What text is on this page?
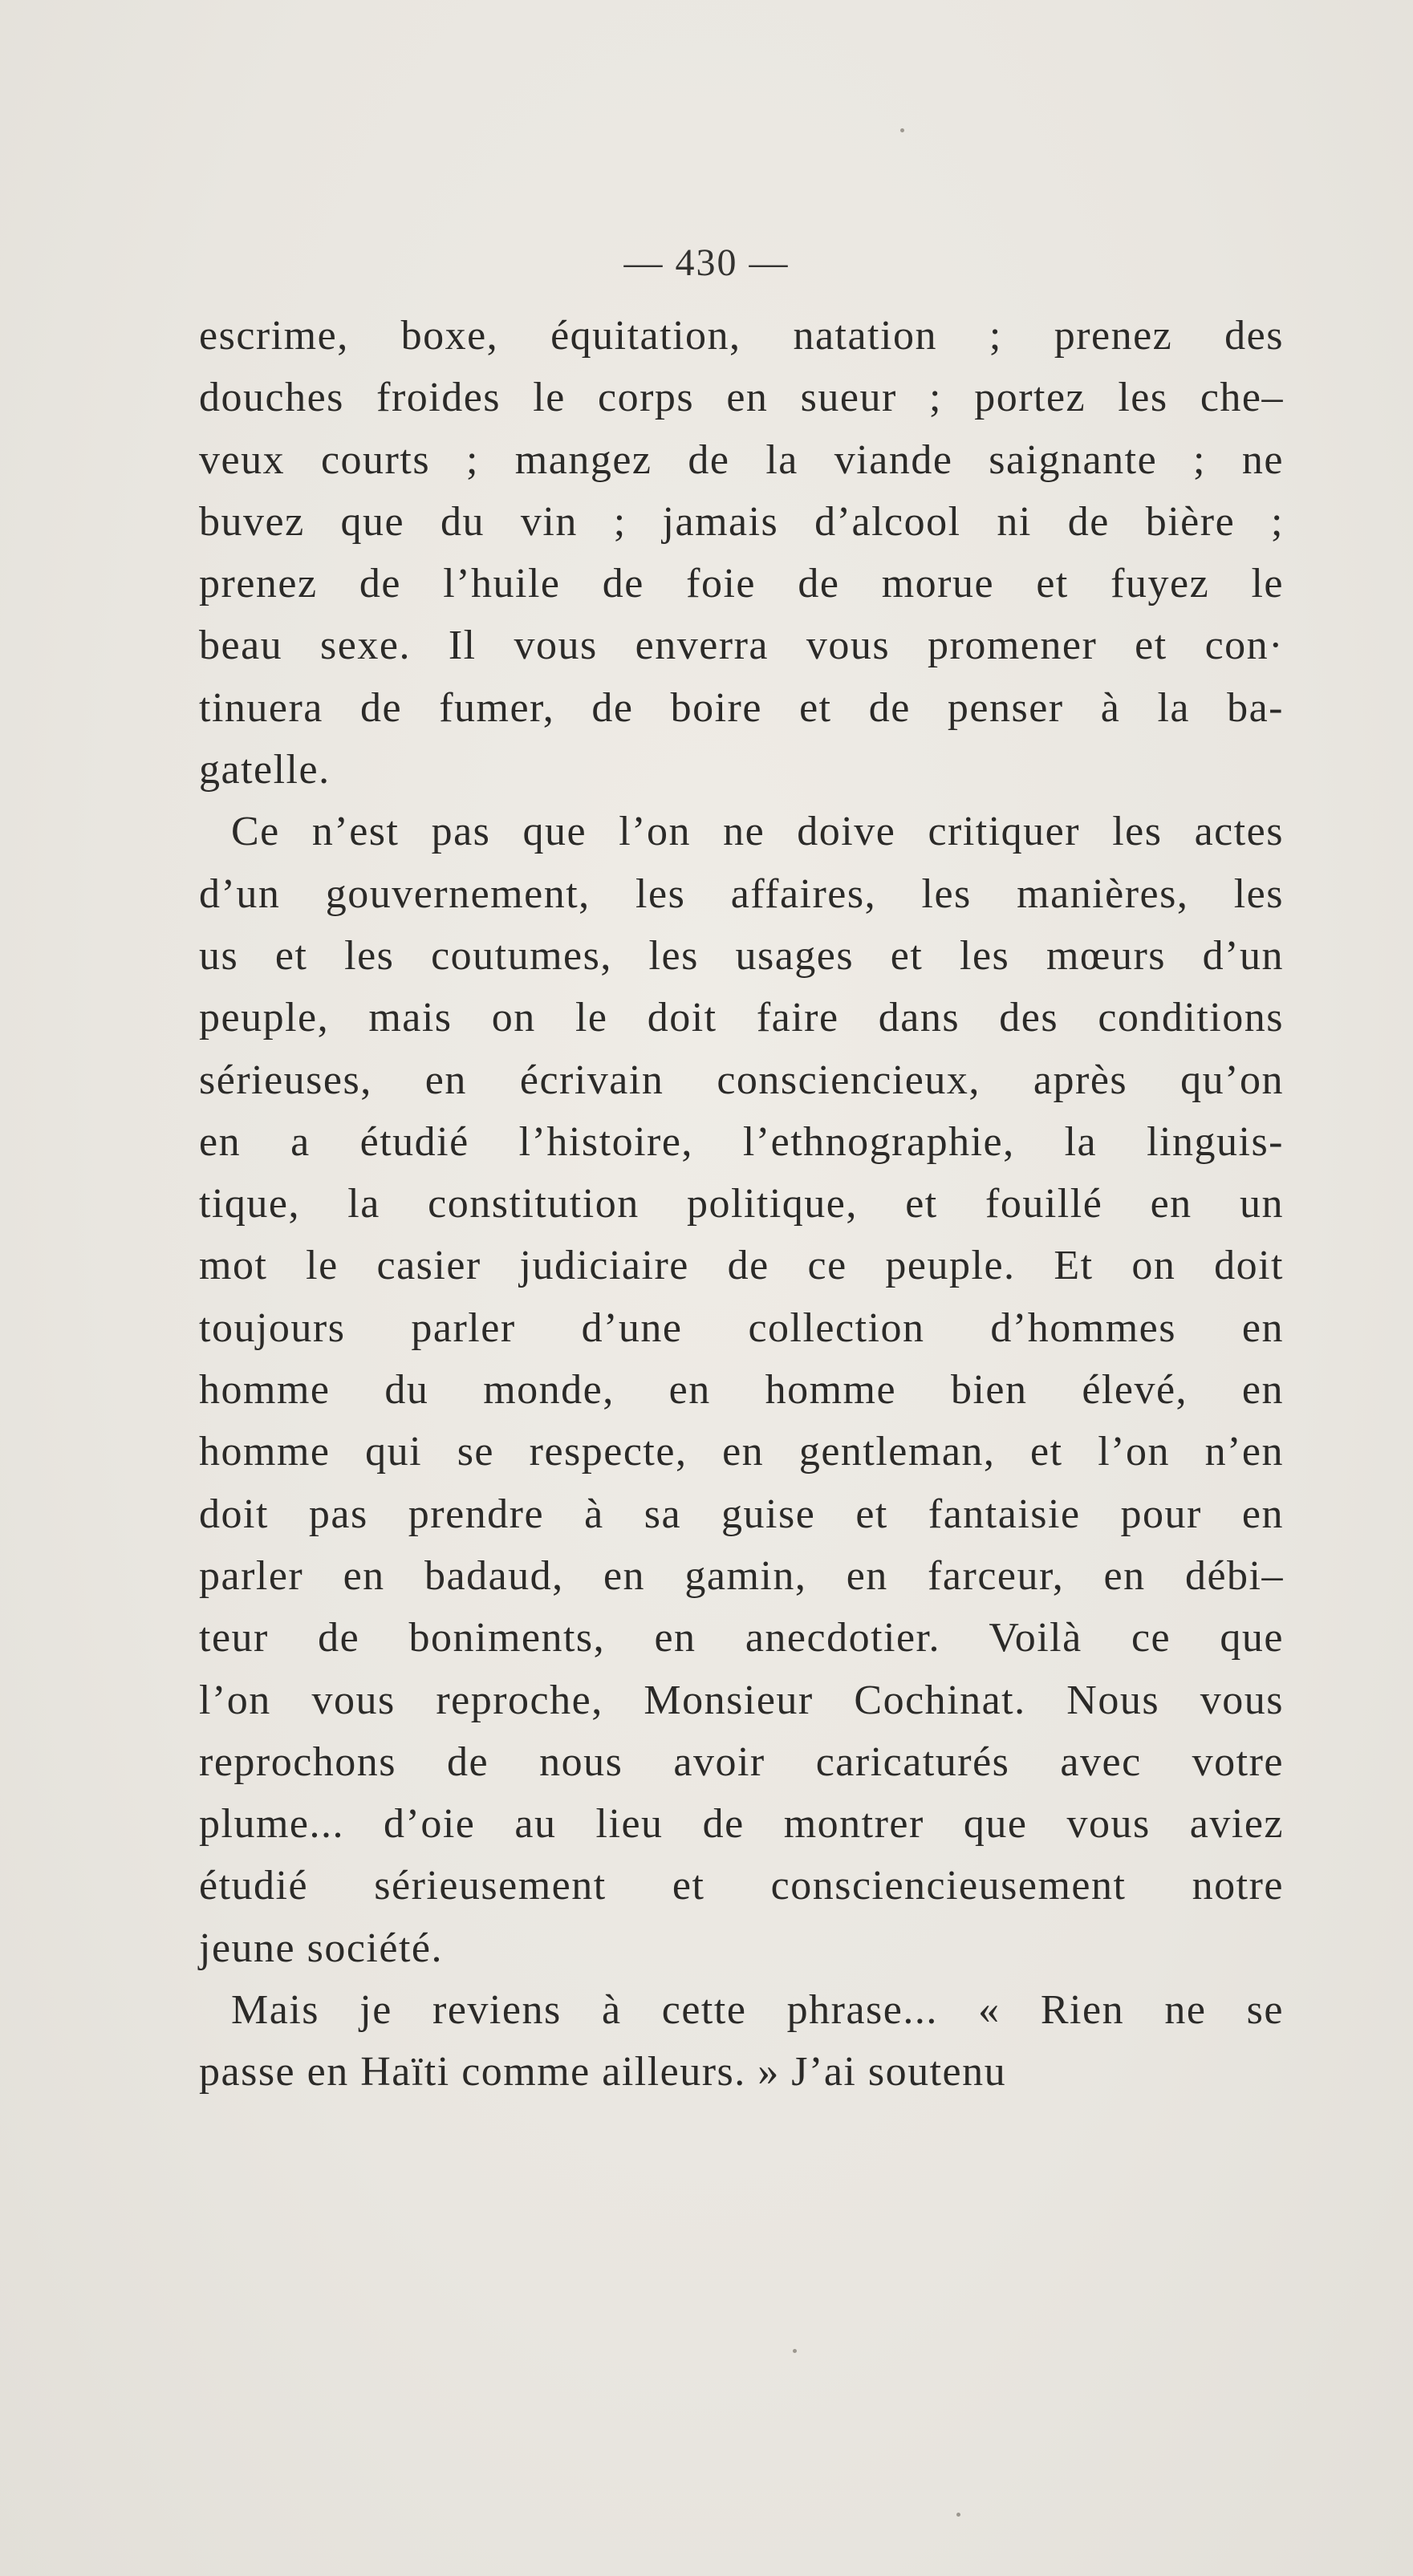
— 430 —
escrime, boxe, équitation, natation ; prenez des
douches froides le corps en sueur ; portez les che–
veux courts ; mangez de la viande saignante ; ne
buvez que du vin ; jamais d’alcool ni de bière ;
prenez de l’huile de foie de morue et fuyez le
beau sexe. Il vous enverra vous promener et con·
tinuera de fumer, de boire et de penser à la ba-
gatelle.
Ce n’est pas que l’on ne doive critiquer les actes
d’un gouvernement, les affaires, les manières, les
us et les coutumes, les usages et les mœurs d’un
peuple, mais on le doit faire dans des conditions
sérieuses, en écrivain consciencieux, après qu’on
en a étudié l’histoire, l’ethnographie, la linguis-
tique, la constitution politique, et fouillé en un
mot le casier judiciaire de ce peuple. Et on doit
toujours parler d’une collection d’hommes en
homme du monde, en homme bien élevé, en
homme qui se respecte, en gentleman, et l’on n’en
doit pas prendre à sa guise et fantaisie pour en
parler en badaud, en gamin, en farceur, en débi–
teur de boniments, en anecdotier. Voilà ce que
l’on vous reproche, Monsieur Cochinat. Nous vous
reprochons de nous avoir caricaturés avec votre
plume... d’oie au lieu de montrer que vous aviez
étudié sérieusement et consciencieusement notre
jeune société.
Mais je reviens à cette phrase... « Rien ne se
passe en Haïti comme ailleurs. » J’ai soutenu
